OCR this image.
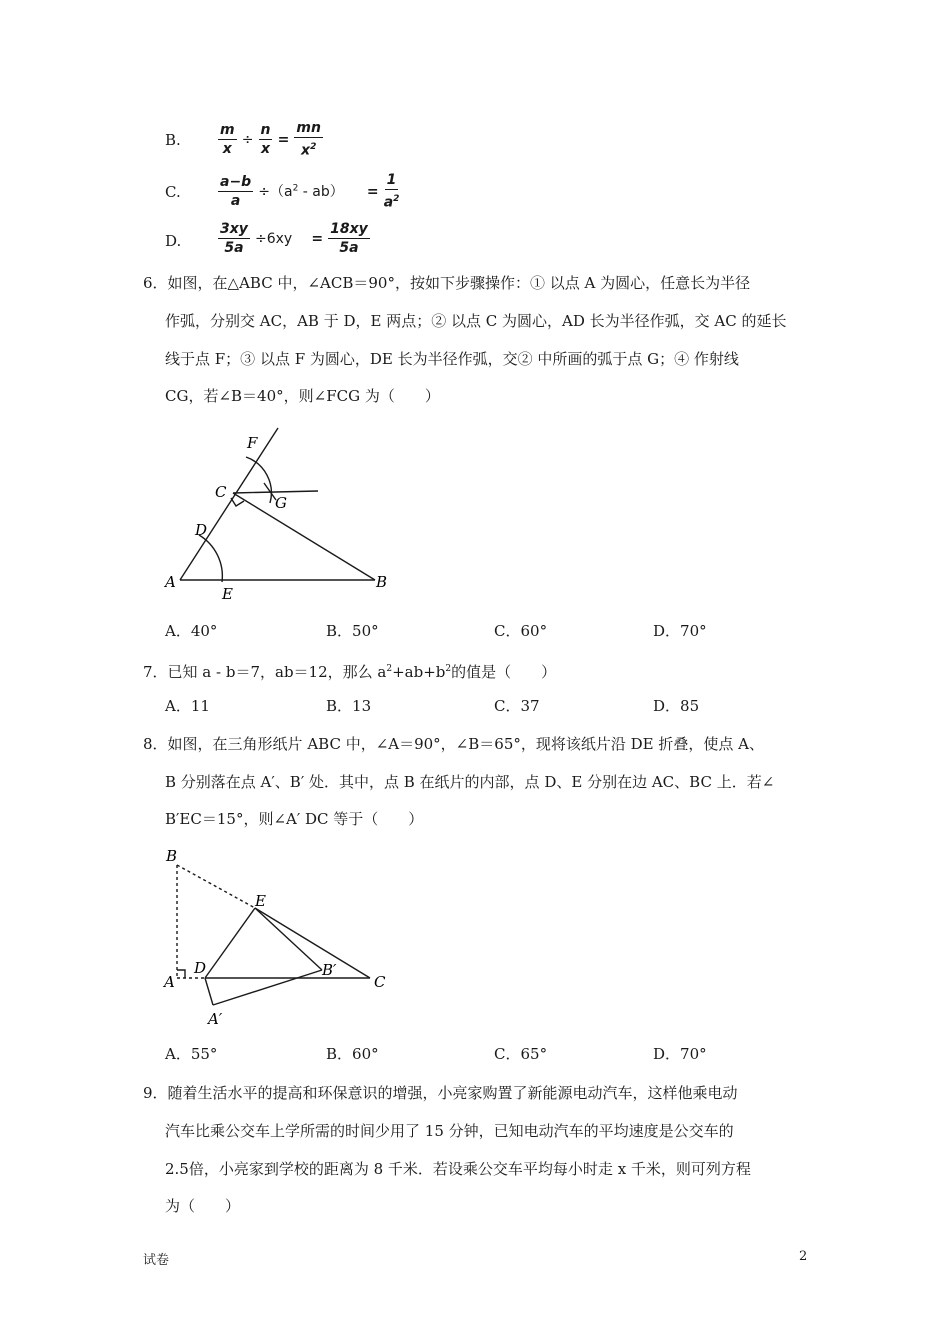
B.	$\frac{m}{x} \div \frac{n}{x} = \frac{mn}{x^2}$
C.	$\frac{a-b}{a} \div(a^2 - ab) = \frac{1}{a^2}$
D.	$\frac{3xy}{5a} \div 6xy = \frac{18xy}{5a}$
6．如图，在△ABC 中，∠ACB＝90°，按如下步骤操作：① 以点 A 为圆心，任意长为半径
作弧，分别交 AC，AB 于 D，E 两点；② 以点 C 为圆心，AD 长为半径作弧，交 AC 的延长
线于点 F；③ 以点 F 为圆心，DE 长为半径作弧，交② 中所画的弧于点 G；④ 作射线
CG，若∠B＝40°，则∠FCG 为（　　）
F
C
G
D
A
E
B
A．40°	B．50°	C．60°	D．70°
7．已知 a - b＝7，ab＝12，那么 $a^2+ab+b^2$的值是（　　）
A．11	B．13	C．37	D．85
8．如图，在三角形纸片 ABC 中，∠A＝90°，∠B＝65°，现将该纸片沿 DE 折叠，使点 A、
B 分别落在点 A′、B′ 处．其中，点 B 在纸片的内部，点 D、E 分别在边 AC、BC 上．若∠
B′EC＝15°，则∠A′ DC 等于（　　）
B
E
A
D	B′
C
A′
A．55°	B．60°	C．65°	D．70°
9．随着生活水平的提高和环保意识的增强，小亮家购置了新能源电动汽车，这样他乘电动
汽车比乘公交车上学所需的时间少用了 15 分钟，已知电动汽车的平均速度是公交车的
2.5倍，小亮家到学校的距离为 8 千米．若设乘公交车平均每小时走 x 千米，则可列方程
为（　　）
试卷	2
